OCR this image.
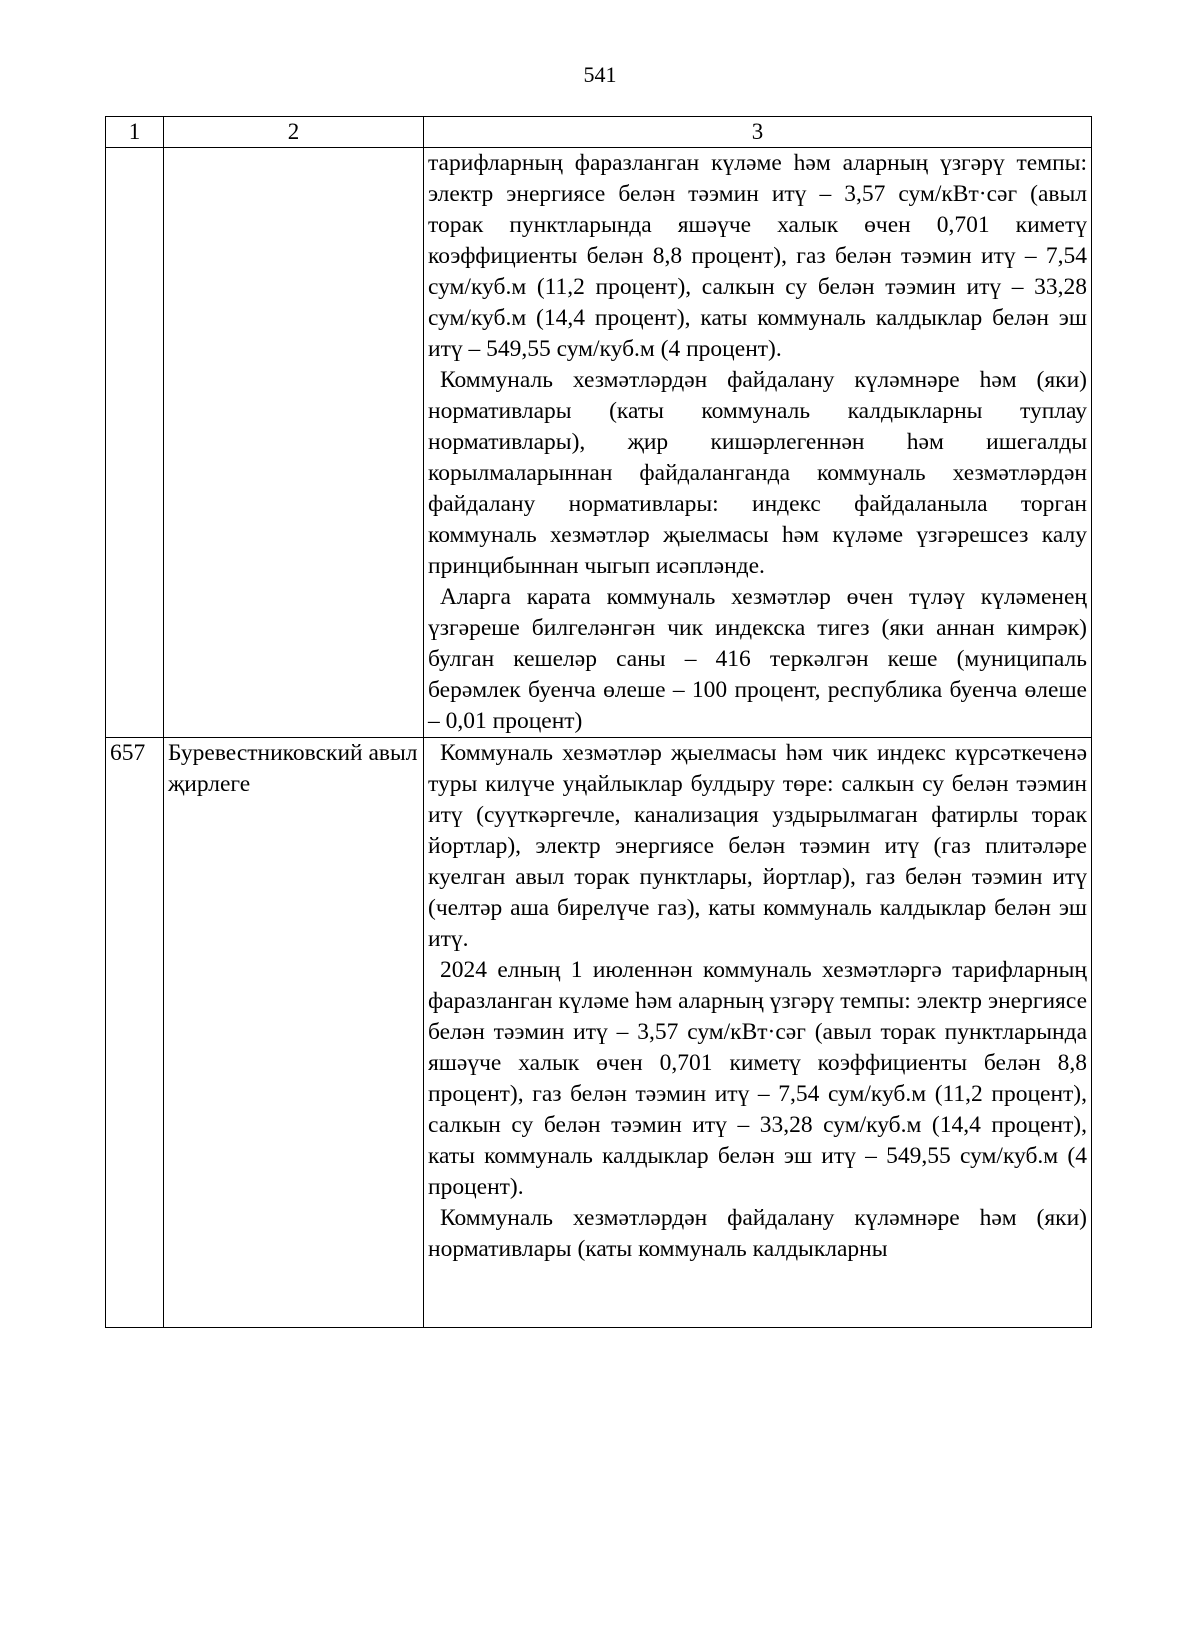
541
1	2	3

		тарифларның фаразланган күләме һәм аларның үзгәрү темпы: электр энергиясе белән тәэмин итү – 3,57 сум/кВт·сәг (авыл торак пунктларында яшәүче халык өчен 0,701 киметү коэффициенты белән 8,8 процент), газ белән тәэмин итү – 7,54 сум/куб.м (11,2 процент), салкын су белән тәэмин итү – 33,28 сум/куб.м (14,4 процент), каты коммуналь калдыклар белән эш итү – 549,55 сум/куб.м (4 процент).

Коммуналь хезмәтләрдән файдалану күләмнәре һәм (яки) нормативлары (каты коммуналь калдыкларны туплау нормативлары), җир кишәрлегеннән һәм ишегалды корылмаларыннан файдаланганда коммуналь хезмәтләрдән файдалану нормативлары: индекс файдаланыла торган коммуналь хезмәтләр җыелмасы һәм күләме үзгәрешсез калу принцибыннан чыгып исәпләнде.

Аларга карата коммуналь хезмәтләр өчен түләү күләменең үзгәреше билгеләнгән чик индекска тигез (яки аннан кимрәк) булган кешеләр саны – 416 теркәлгән кеше (муниципаль берәмлек буенча өлеше – 100 процент, республика буенча өлеше – 0,01 процент)

657	Буревестниковский авыл җирлеге	Коммуналь хезмәтләр җыелмасы һәм чик индекс күрсәткеченә туры килүче уңайлыклар булдыру төре: салкын су белән тәэмин итү (суүткәргечле, канализация уздырылмаган фатирлы торак йортлар), электр энергиясе белән тәэмин итү (газ плитәләре куелган авыл торак пунктлары, йортлар), газ белән тәэмин итү (челтәр аша бирелүче газ), каты коммуналь калдыклар белән эш итү.

2024 елның 1 июленнән коммуналь хезмәтләргә тарифларның фаразланган күләме һәм аларның үзгәрү темпы: электр энергиясе белән тәэмин итү – 3,57 сум/кВт·сәг (авыл торак пунктларында яшәүче халык өчен 0,701 киметү коэффициенты белән 8,8 процент), газ белән тәэмин итү – 7,54 сум/куб.м (11,2 процент), салкын су белән тәэмин итү – 33,28 сум/куб.м (14,4 процент), каты коммуналь калдыклар белән эш итү – 549,55 сум/куб.м (4 процент).

Коммуналь хезмәтләрдән файдалану күләмнәре һәм (яки) нормативлары (каты коммуналь калдыкларны
